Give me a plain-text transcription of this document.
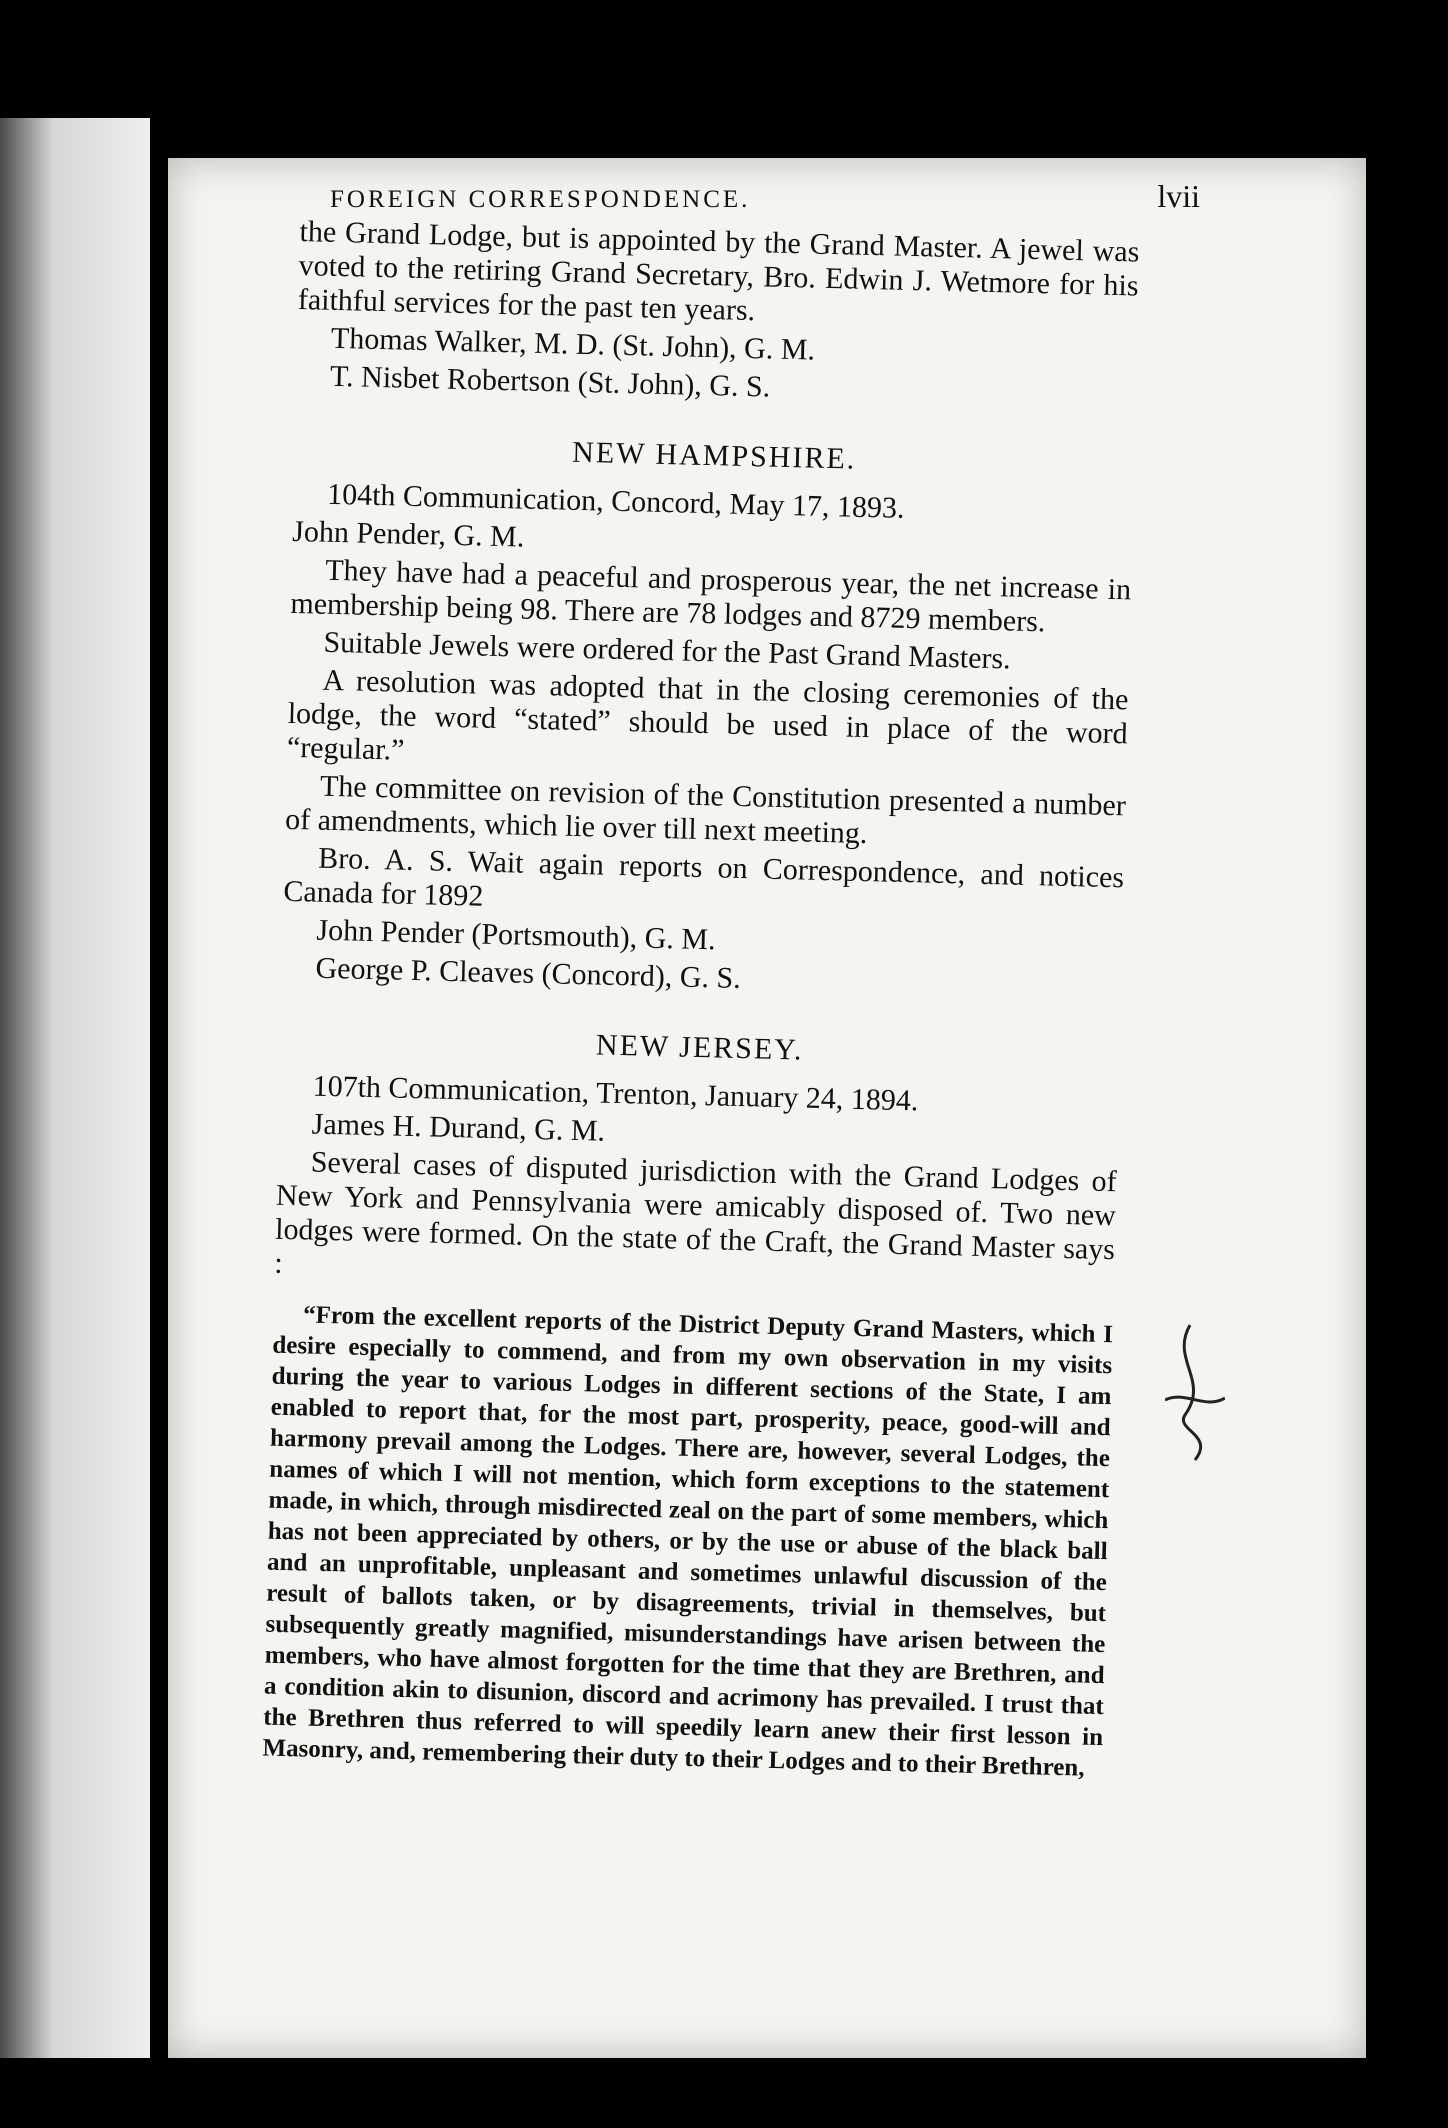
FOREIGN CORRESPONDENCE.	lvii

the Grand Lodge, but is appointed by the Grand Master. A jewel was voted to the retiring Grand Secretary, Bro. Edwin J. Wetmore for his faithful services for the past ten years.

Thomas Walker, M. D. (St. John), G. M.

T. Nisbet Robertson (St. John), G. S.

NEW HAMPSHIRE.

104th Communication, Concord, May 17, 1893.

John Pender, G. M.

They have had a peaceful and prosperous year, the net increase in membership being 98. There are 78 lodges and 8729 members.

Suitable Jewels were ordered for the Past Grand Masters.

A resolution was adopted that in the closing ceremonies of the lodge, the word “stated” should be used in place of the word “regular.”

The committee on revision of the Constitution presented a number of amendments, which lie over till next meeting.

Bro. A. S. Wait again reports on Correspondence, and notices Canada for 1892

John Pender (Portsmouth), G. M.

George P. Cleaves (Concord), G. S.

NEW JERSEY.

107th Communication, Trenton, January 24, 1894.

James H. Durand, G. M.

Several cases of disputed jurisdiction with the Grand Lodges of New York and Pennsylvania were amicably disposed of. Two new lodges were formed. On the state of the Craft, the Grand Master says :

“From the excellent reports of the District Deputy Grand Masters, which I desire especially to commend, and from my own observation in my visits during the year to various Lodges in different sections of the State, I am enabled to report that, for the most part, prosperity, peace, good-will and harmony prevail among the Lodges. There are, however, several Lodges, the names of which I will not mention, which form exceptions to the statement made, in which, through misdirected zeal on the part of some members, which has not been appreciated by others, or by the use or abuse of the black ball and an unprofitable, unpleasant and sometimes unlawful discussion of the result of ballots taken, or by disagreements, trivial in themselves, but subsequently greatly magnified, misunderstandings have arisen between the members, who have almost forgotten for the time that they are Brethren, and a condition akin to disunion, discord and acrimony has prevailed. I trust that the Brethren thus referred to will speedily learn anew their first lesson in Masonry, and, remembering their duty to their Lodges and to their Brethren,
